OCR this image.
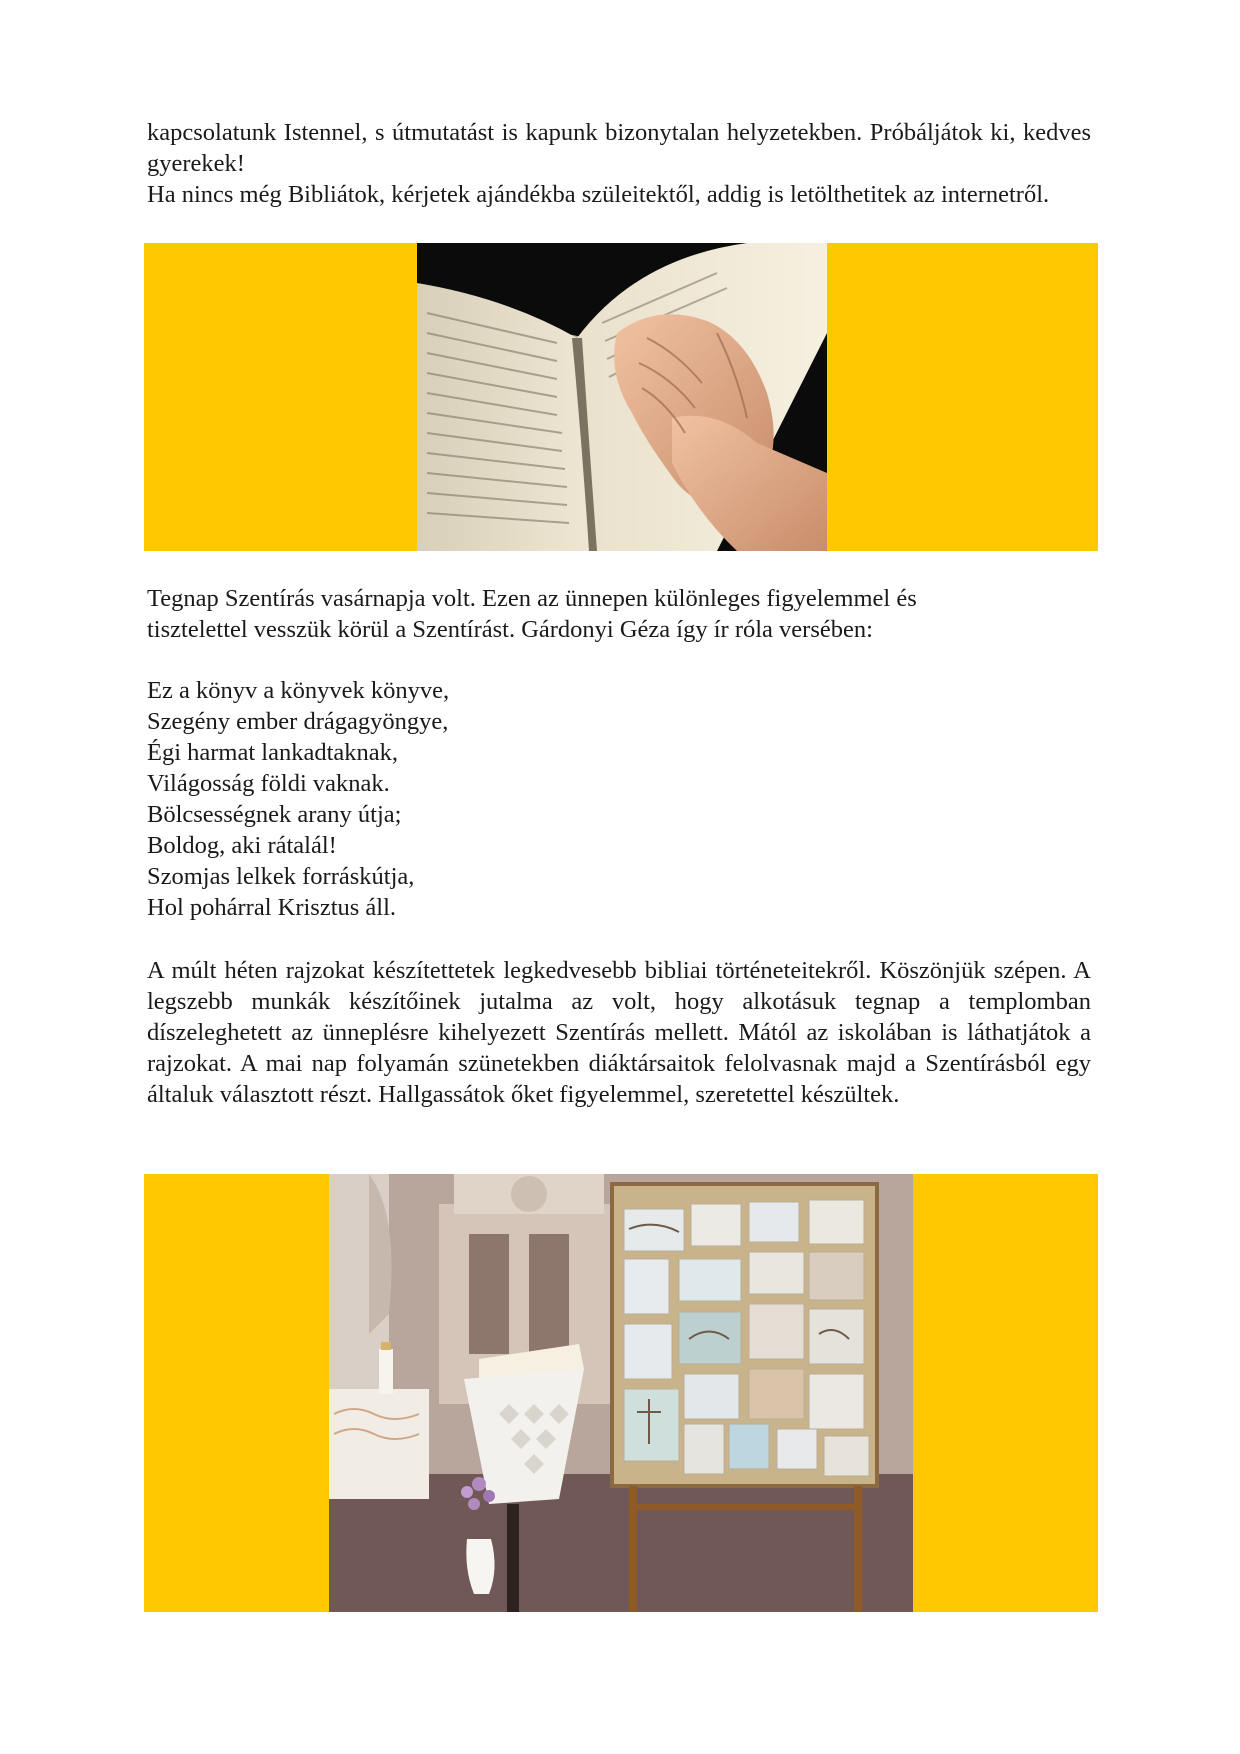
kapcsolatunk Istennel, s útmutatást is kapunk bizonytalan helyzetekben. Próbáljátok ki, kedves gyerekek!

Ha nincs még Bibliátok, kérjetek ajándékba szüleitektől, addig is letölthetitek az internetről.

Tegnap Szentírás vasárnapja volt. Ezen az ünnepen különleges figyelemmel és
tisztelettel vesszük körül a Szentírást. Gárdonyi Géza így ír róla versében:

Ez a könyv a könyvek könyve,
Szegény ember drágagyöngye,
Égi harmat lankadtaknak,
Világosság földi vaknak.
Bölcsességnek arany útja;
Boldog, aki rátalál!
Szomjas lelkek forráskútja,
Hol pohárral Krisztus áll.

A múlt héten rajzokat készítettetek legkedvesebb bibliai történeteitekről. Köszönjük szépen. A legszebb munkák készítőinek jutalma az volt, hogy alkotásuk tegnap a templomban díszeleghetett az ünneplésre kihelyezett Szentírás mellett. Mától az iskolában is láthatjátok a rajzokat. A mai nap folyamán szünetekben diáktársaitok felolvasnak majd a Szentírásból egy általuk választott részt. Hallgassátok őket figyelemmel, szeretettel készültek.
